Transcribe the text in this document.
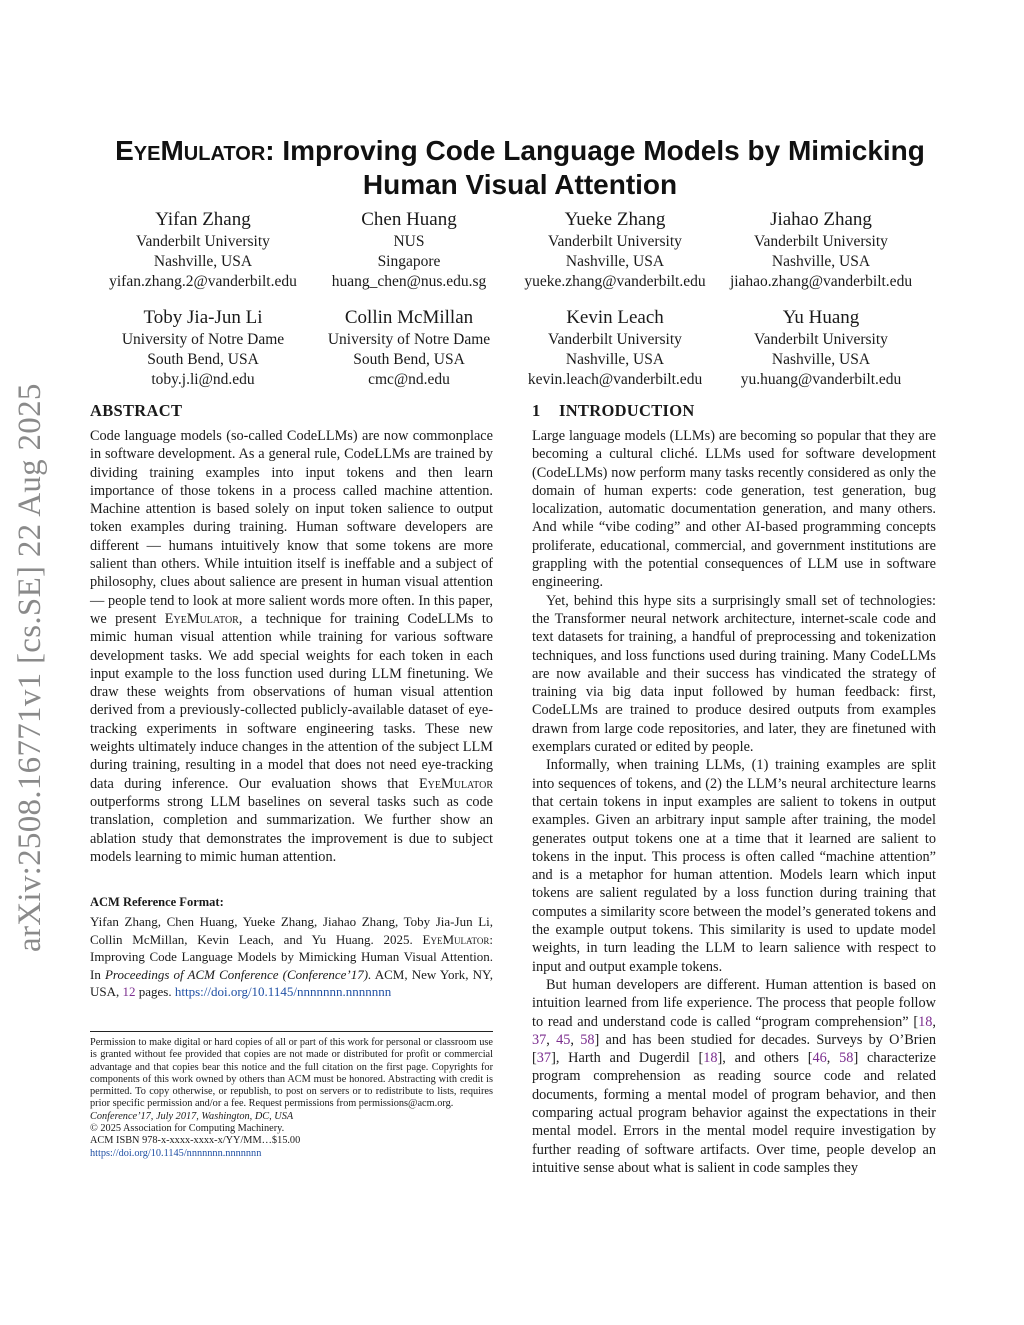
arXiv:2508.16771v1 [cs.SE] 22 Aug 2025
EyeMulator: Improving Code Language Models by Mimicking
Human Visual Attention
Yifan Zhang
Vanderbilt University
Nashville, USA
yifan.zhang.2@vanderbilt.edu
Chen Huang
NUS
Singapore
huang_chen@nus.edu.sg
Yueke Zhang
Vanderbilt University
Nashville, USA
yueke.zhang@vanderbilt.edu
Jiahao Zhang
Vanderbilt University
Nashville, USA
jiahao.zhang@vanderbilt.edu
Toby Jia-Jun Li
University of Notre Dame
South Bend, USA
toby.j.li@nd.edu
Collin McMillan
University of Notre Dame
South Bend, USA
cmc@nd.edu
Kevin Leach
Vanderbilt University
Nashville, USA
kevin.leach@vanderbilt.edu
Yu Huang
Vanderbilt University
Nashville, USA
yu.huang@vanderbilt.edu
ABSTRACT

Code language models (so-called CodeLLMs) are now commonplace in software development. As a general rule, CodeLLMs are trained by dividing training examples into input tokens and then learn importance of those tokens in a process called machine attention. Machine attention is based solely on input token salience to output token examples during training. Human software developers are different — humans intuitively know that some tokens are more salient than others. While intuition itself is ineffable and a subject of philosophy, clues about salience are present in human visual attention — people tend to look at more salient words more often. In this paper, we present EyeMulator, a technique for training CodeLLMs to mimic human visual attention while training for various software development tasks. We add special weights for each token in each input example to the loss function used during LLM finetuning. We draw these weights from observations of human visual attention derived from a previously-collected publicly-available dataset of eye-tracking experiments in software engineering tasks. These new weights ultimately induce changes in the attention of the subject LLM during training, resulting in a model that does not need eye-tracking data during inference. Our evaluation shows that EyeMulator outperforms strong LLM baselines on several tasks such as code translation, completion and summarization. We further show an ablation study that demonstrates the improvement is due to subject models learning to mimic human attention.

ACM Reference Format:

Yifan Zhang, Chen Huang, Yueke Zhang, Jiahao Zhang, Toby Jia-Jun Li, Collin McMillan, Kevin Leach, and Yu Huang. 2025. EyeMulator: Improving Code Language Models by Mimicking Human Visual Attention. In Proceedings of ACM Conference (Conference’17). ACM, New York, NY, USA, 12 pages. https://doi.org/10.1145/nnnnnnn.nnnnnnn

Permission to make digital or hard copies of all or part of this work for personal or classroom use is granted without fee provided that copies are not made or distributed for profit or commercial advantage and that copies bear this notice and the full citation on the first page. Copyrights for components of this work owned by others than ACM must be honored. Abstracting with credit is permitted. To copy otherwise, or republish, to post on servers or to redistribute to lists, requires prior specific permission and/or a fee. Request permissions from permissions@acm.org.

Conference’17, July 2017, Washington, DC, USA
© 2025 Association for Computing Machinery.
ACM ISBN 978-x-xxxx-xxxx-x/YY/MM…$15.00
https://doi.org/10.1145/nnnnnnn.nnnnnnn
1 INTRODUCTION

Large language models (LLMs) are becoming so popular that they are becoming a cultural cliché. LLMs used for software development (CodeLLMs) now perform many tasks recently considered as only the domain of human experts: code generation, test generation, bug localization, automatic documentation generation, and many others. And while “vibe coding” and other AI-based programming concepts proliferate, educational, commercial, and government institutions are grappling with the potential consequences of LLM use in software engineering.

Yet, behind this hype sits a surprisingly small set of technologies: the Transformer neural network architecture, internet-scale code and text datasets for training, a handful of preprocessing and tokenization techniques, and loss functions used during training. Many CodeLLMs are now available and their success has vindicated the strategy of training via big data input followed by human feedback: first, CodeLLMs are trained to produce desired outputs from examples drawn from large code repositories, and later, they are finetuned with exemplars curated or edited by people.

Informally, when training LLMs, (1) training examples are split into sequences of tokens, and (2) the LLM’s neural architecture learns that certain tokens in input examples are salient to tokens in output examples. Given an arbitrary input sample after training, the model generates output tokens one at a time that it learned are salient to tokens in the input. This process is often called “machine attention” and is a metaphor for human attention. Models learn which input tokens are salient regulated by a loss function during training that computes a similarity score between the model’s generated tokens and the example output tokens. This similarity is used to update model weights, in turn leading the LLM to learn salience with respect to input and output example tokens.

But human developers are different. Human attention is based on intuition learned from life experience. The process that people follow to read and understand code is called “program comprehension” [18, 37, 45, 58] and has been studied for decades. Surveys by O’Brien [37], Harth and Dugerdil [18], and others [46, 58] characterize program comprehension as reading source code and related documents, forming a mental model of program behavior, and then comparing actual program behavior against the expectations in their mental model. Errors in the mental model require investigation by further reading of software artifacts. Over time, people develop an intuitive sense about what is salient in code samples they
